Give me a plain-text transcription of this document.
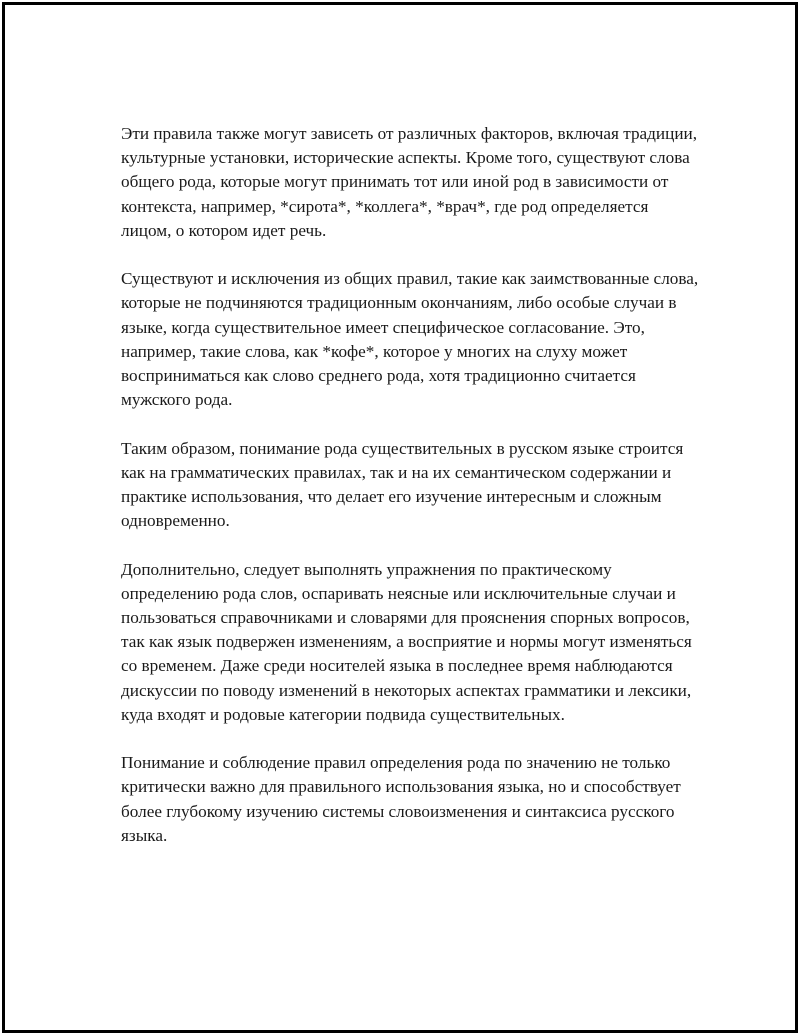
Эти правила также могут зависеть от различных факторов, включая традиции, культурные установки, исторические аспекты. Кроме того, существуют слова общего рода, которые могут принимать тот или иной род в зависимости от контекста, например, *сирота*, *коллега*, *врач*, где род определяется лицом, о котором идет речь.

Существуют и исключения из общих правил, такие как заимствованные слова, которые не подчиняются традиционным окончаниям, либо особые случаи в языке, когда существительное имеет специфическое согласование. Это, например, такие слова, как *кофе*, которое у многих на слуху может восприниматься как слово среднего рода, хотя традиционно считается мужского рода.

Таким образом, понимание рода существительных в русском языке строится как на грамматических правилах, так и на их семантическом содержании и практике использования, что делает его изучение интересным и сложным одновременно.

Дополнительно, следует выполнять упражнения по практическому определению рода слов, оспаривать неясные или исключительные случаи и пользоваться справочниками и словарями для прояснения спорных вопросов, так как язык подвержен изменениям, а восприятие и нормы могут изменяться со временем. Даже среди носителей языка в последнее время наблюдаются дискуссии по поводу изменений в некоторых аспектах грамматики и лексики, куда входят и родовые категории подвида существительных.

Понимание и соблюдение правил определения рода по значению не только критически важно для правильного использования языка, но и способствует более глубокому изучению системы словоизменения и синтаксиса русского языка.
